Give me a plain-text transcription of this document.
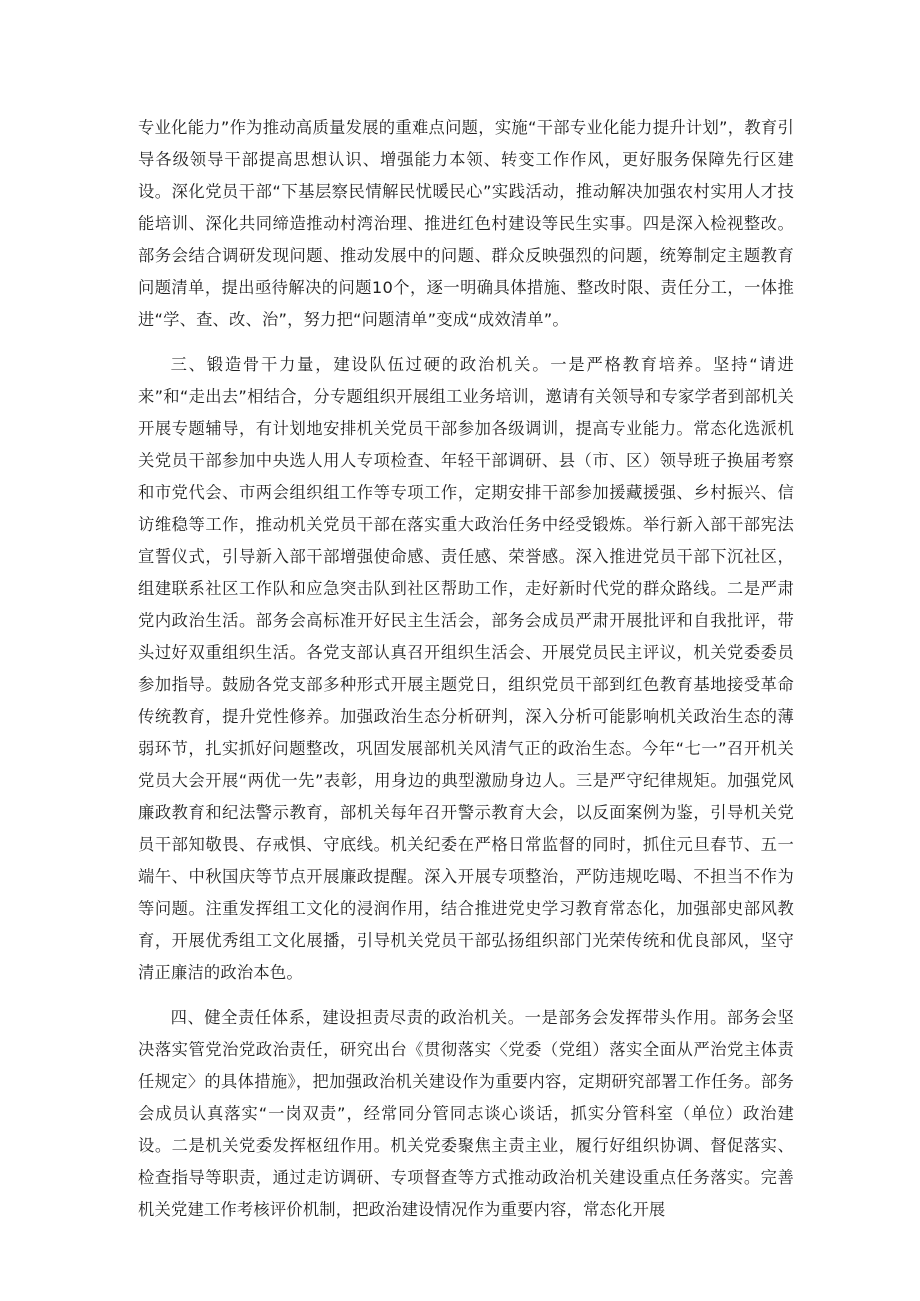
专业化能力”作为推动高质量发展的重难点问题，实施“干部专业化能力提升计划”，教育引导各级领导干部提高思想认识、增强能力本领、转变工作作风，更好服务保障先行区建设。深化党员干部“下基层察民情解民忧暖民心”实践活动，推动解决加强农村实用人才技能培训、深化共同缔造推动村湾治理、推进红色村建设等民生实事。四是深入检视整改。部务会结合调研发现问题、推动发展中的问题、群众反映强烈的问题，统筹制定主题教育问题清单，提出亟待解决的问题10个，逐一明确具体措施、整改时限、责任分工，一体推进“学、查、改、治”，努力把“问题清单”变成“成效清单”。

三、锻造骨干力量，建设队伍过硬的政治机关。一是严格教育培养。坚持“请进来”和“走出去”相结合，分专题组织开展组工业务培训，邀请有关领导和专家学者到部机关开展专题辅导，有计划地安排机关党员干部参加各级调训，提高专业能力。常态化选派机关党员干部参加中央选人用人专项检查、年轻干部调研、县（市、区）领导班子换届考察和市党代会、市两会组织组工作等专项工作，定期安排干部参加援藏援强、乡村振兴、信访维稳等工作，推动机关党员干部在落实重大政治任务中经受锻炼。举行新入部干部宪法宣誓仪式，引导新入部干部增强使命感、责任感、荣誉感。深入推进党员干部下沉社区，组建联系社区工作队和应急突击队到社区帮助工作，走好新时代党的群众路线。二是严肃党内政治生活。部务会高标准开好民主生活会，部务会成员严肃开展批评和自我批评，带头过好双重组织生活。各党支部认真召开组织生活会、开展党员民主评议，机关党委委员参加指导。鼓励各党支部多种形式开展主题党日，组织党员干部到红色教育基地接受革命传统教育，提升党性修养。加强政治生态分析研判，深入分析可能影响机关政治生态的薄弱环节，扎实抓好问题整改，巩固发展部机关风清气正的政治生态。今年“七一”召开机关党员大会开展“两优一先”表彰，用身边的典型激励身边人。三是严守纪律规矩。加强党风廉政教育和纪法警示教育，部机关每年召开警示教育大会，以反面案例为鉴，引导机关党员干部知敬畏、存戒惧、守底线。机关纪委在严格日常监督的同时，抓住元旦春节、五一端午、中秋国庆等节点开展廉政提醒。深入开展专项整治，严防违规吃喝、不担当不作为等问题。注重发挥组工文化的浸润作用，结合推进党史学习教育常态化，加强部史部风教育，开展优秀组工文化展播，引导机关党员干部弘扬组织部门光荣传统和优良部风，坚守清正廉洁的政治本色。

四、健全责任体系，建设担责尽责的政治机关。一是部务会发挥带头作用。部务会坚决落实管党治党政治责任，研究出台《贯彻落实〈党委（党组）落实全面从严治党主体责任规定〉的具体措施》，把加强政治机关建设作为重要内容，定期研究部署工作任务。部务会成员认真落实“一岗双责”，经常同分管同志谈心谈话，抓实分管科室（单位）政治建设。二是机关党委发挥枢纽作用。机关党委聚焦主责主业，履行好组织协调、督促落实、检查指导等职责，通过走访调研、专项督查等方式推动政治机关建设重点任务落实。完善机关党建工作考核评价机制，把政治建设情况作为重要内容，常态化开展
